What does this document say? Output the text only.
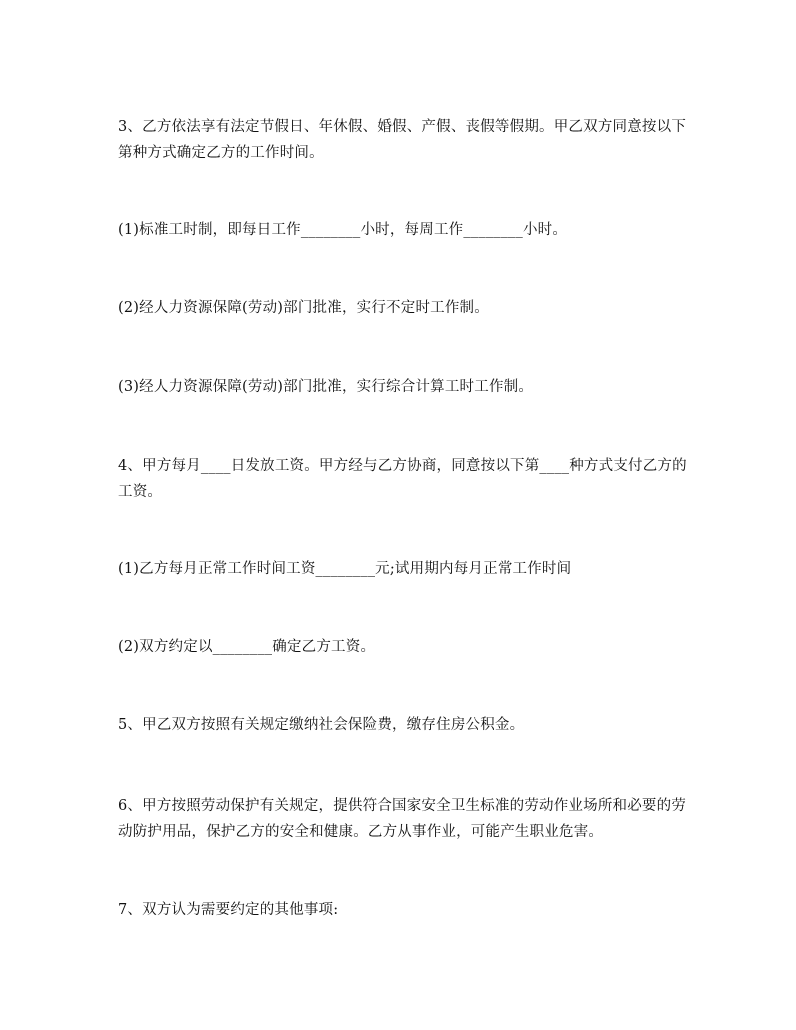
3、乙方依法享有法定节假日、年休假、婚假、产假、丧假等假期。甲乙双方同意按以下第种方式确定乙方的工作时间。

(1)标准工时制，即每日工作________小时，每周工作________小时。

(2)经人力资源保障(劳动)部门批准，实行不定时工作制。

(3)经人力资源保障(劳动)部门批准，实行综合计算工时工作制。

4、甲方每月____日发放工资。甲方经与乙方协商，同意按以下第____种方式支付乙方的工资。

(1)乙方每月正常工作时间工资________元;试用期内每月正常工作时间

(2)双方约定以________确定乙方工资。

5、甲乙双方按照有关规定缴纳社会保险费，缴存住房公积金。

6、甲方按照劳动保护有关规定，提供符合国家安全卫生标准的劳动作业场所和必要的劳动防护用品，保护乙方的安全和健康。乙方从事作业，可能产生职业危害。

7、双方认为需要约定的其他事项:
